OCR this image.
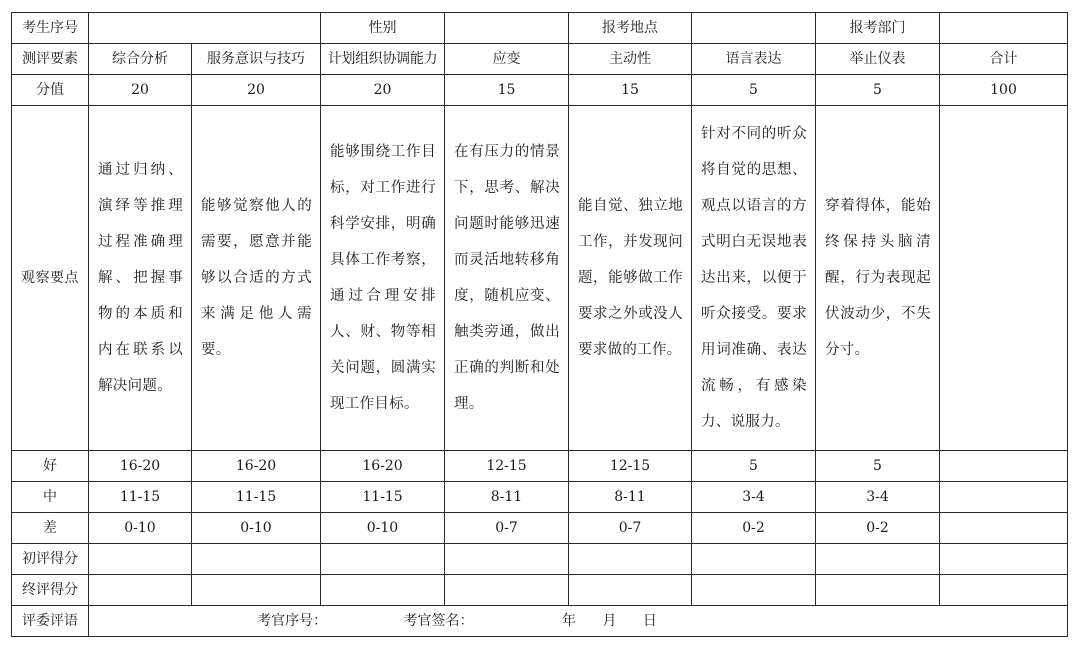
考生序号			性别		报考地点		报考部门	
测评要素	综合分析	服务意识与技巧	计划组织协调能力	应变	主动性	语言表达	举止仪表	合计
分值	20	20	20	15	15	5	5	100
观察要点	通过归纳、演绎等推理过程准确理解、把握事物的本质和内在联系以解决问题。	能够觉察他人的需要，愿意并能够以合适的方式来满足他人需要。	能够围绕工作目标，对工作进行科学安排，明确具体工作考察，通过合理安排人、财、物等相关问题，圆满实现工作目标。	在有压力的情景下，思考、解决问题时能够迅速而灵活地转移角度，随机应变、触类旁通，做出正确的判断和处理。	能自觉、独立地工作，并发现问题，能够做工作要求之外或没人要求做的工作。	针对不同的听众将自觉的思想、观点以语言的方式明白无误地表达出来，以便于听众接受。要求用词准确、表达流畅，有感染力、说服力。	穿着得体，能始终保持头脑清醒，行为表现起伏波动少，不失分寸。	
好	16-20	16-20	16-20	12-15	12-15	5	5	
中	11-15	11-15	11-15	8-11	8-11	3-4	3-4	
差	0-10	0-10	0-10	0-7	0-7	0-2	0-2	
初评得分								
终评得分								
评委评语	考官序号： 考官签名： 年 月 日							
